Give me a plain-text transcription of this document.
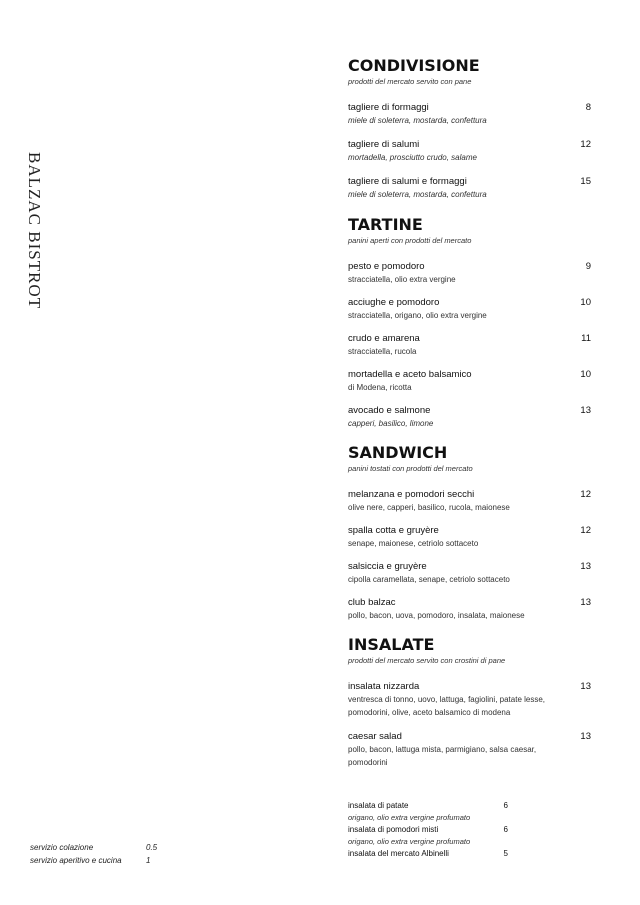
BALZAC BISTROT
CONDIVISIONE
prodotti del mercato servito con pane
tagliere di formaggi
miele di soleterra, mostarda, confettura
8
tagliere di salumi
mortadella, prosciutto crudo, salame
12
tagliere di salumi e formaggi
miele di soleterra, mostarda, confettura
15
TARTINE
panini aperti con prodotti del mercato
pesto e pomodoro
stracciatella, olio extra vergine
9
acciughe e pomodoro
stracciatella, origano, olio extra vergine
10
crudo e amarena
stracciatella, rucola
11
mortadella e aceto balsamico
di Modena, ricotta
10
avocado e salmone
capperi, basilico, limone
13
SANDWICH
panini tostati con prodotti del mercato
melanzana e pomodori secchi
olive nere, capperi, basilico, rucola, maionese
12
spalla cotta e gruyère
senape, maionese, cetriolo sottaceto
12
salsiccia e gruyère
cipolla caramellata, senape, cetriolo sottaceto
13
club balzac
pollo, bacon, uova, pomodoro, insalata, maionese
13
INSALATE
prodotti del mercato servito con crostini di pane
insalata nizzarda
ventresca di tonno, uovo, lattuga, fagiolini, patate lesse, pomodorini, olive, aceto balsamico di modena
13
caesar salad
pollo, bacon, lattuga mista, parmigiano, salsa caesar, pomodorini
13
insalata di patate
origano, olio extra vergine profumato
6
insalata di pomodori misti
origano, olio extra vergine profumato
6
insalata del mercato Albinelli	5
servizio colazione	0.5
servizio aperitivo e cucina	1
